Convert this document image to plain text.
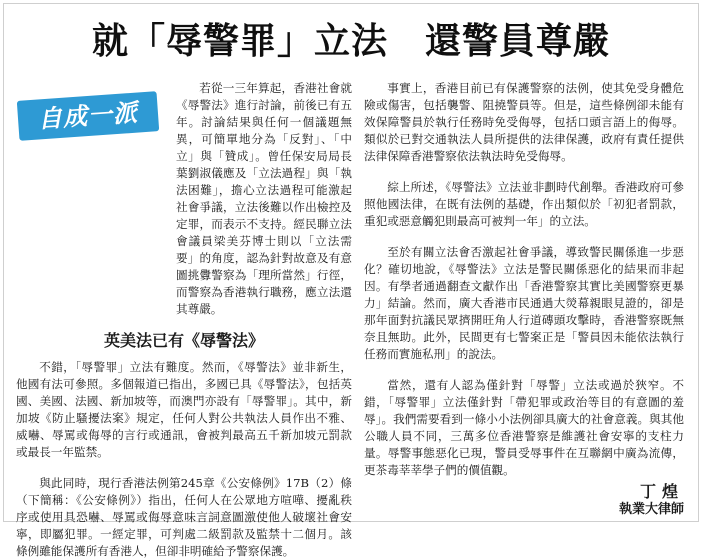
就「辱警罪」立法　還警員尊嚴
自成一派

若從一三年算起，香港社會就《辱警法》進行討論，前後已有五年。討論結果與任何一個議題無異，可簡單地分為「反對」、「中立」與「贊成」。曾任保安局局長葉劉淑儀應及「立法過程」與「執法困難」，擔心立法過程可能激起社會爭議，立法後難以作出檢控及定罪，而表示不支持。經民聯立法會議員梁美芬博士則以「立法需要」的角度，認為針對故意及有意圖挑釁警察為「理所當然」行徑，而警察為香港執行職務，應立法還其尊嚴。

英美法已有《辱警法》

不錯，「辱警罪」立法有難度。然而，《辱警法》並非新生，他國有法可參照。多個報道已指出，多國已具《辱警法》，包括英國、美國、法國、新加坡等，而澳門亦設有「辱警罪」。其中，新加坡《防止騷擾法案》規定，任何人對公共執法人員作出不雅、威嚇、辱罵或侮辱的言行或通訊，會被判最高五千新加坡元罰款或最長一年監禁。

與此同時，現行香港法例第245章《公安條例》17B（2）條（下簡稱：《公安條例》）指出，任何人在公眾地方喧嘩、擾亂秩序或使用具恐嚇、辱罵或侮辱意味言詞意圖激使他人破壞社會安寧，即屬犯罪。一經定罪，可判處二級罰款及監禁十二個月。該條例雖能保護所有香港人，但卻非明確給予警察保護。

事實上，香港目前已有保護警察的法例，使其免受身體危險或傷害，包括襲警、阻撓警員等。但是，這些條例卻未能有效保障警員於執行任務時免受侮辱，包括口頭言語上的侮辱。類似於已對交通執法人員所提供的法律保護，政府有責任提供法律保障香港警察依法執法時免受侮辱。

綜上所述，《辱警法》立法並非劃時代創舉。香港政府可參照他國法律，在既有法例的基礎，作出類似於「初犯者罰款，重犯或惡意觸犯則最高可被判一年」的立法。

至於有關立法會否激起社會爭議，導致警民關係進一步惡化？確切地說，《辱警法》立法是警民關係惡化的結果而非起因。有學者通過翻查文獻作出「香港警察其實比美國警察更暴力」結論。然而，廣大香港市民通過大熒幕親眼見證的，卻是那年面對抗議民眾擠開旺角人行道磚頭攻擊時，香港警察既無奈且無助。此外，民間更有七警案正是「警員因未能依法執行任務而實施私刑」的說法。

當然，還有人認為僅針對「辱警」立法或過於狹窄。不錯，「辱警罪」立法僅針對「帶犯罪或政治等目的有意圖的羞辱」。我們需要看到一條小小法例卻具廣大的社會意義。與其他公職人員不同，三萬多位香港警察是維護社會安寧的支柱力量。辱警事態惡化已現，警員受辱事件在互聯網中廣為流傳，更茶毒莘莘學子們的價值觀。

丁煌
執業大律師
